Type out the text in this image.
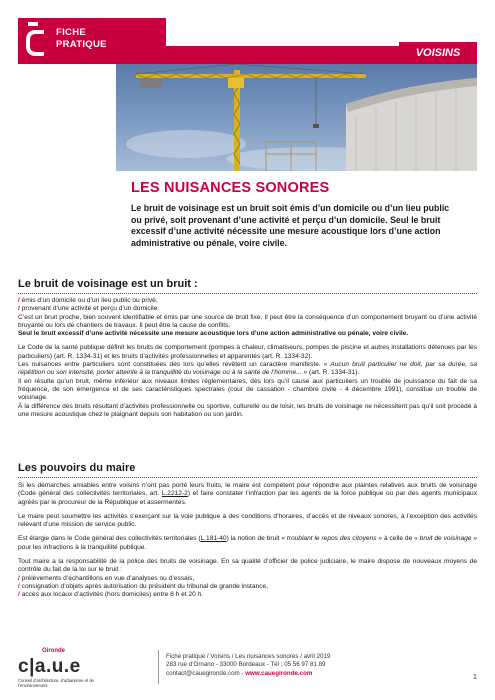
FICHE
PRATIQUE
VOISINS
LES NUISANCES SONORES
Le bruit de voisinage est un bruit soit émis d’un domicile ou d’un lieu public ou privé, soit provenant d’une activité et perçu d’un domicile. Seul le bruit excessif d’une activité nécessite une mesure acoustique lors d’une action administrative ou pénale, voire civile.
Le bruit de voisinage est un bruit :

/ émis d’un domicile ou d’un lieu public ou privé,

/ provenant d’une activité et perçu d’un domicile.

C’est un bruit proche, bien souvent identifiable et émis par une source de bruit fixe. Il peut être la conséquence d’un comportement bruyant ou d’une activité bruyante ou lors de chantiers de travaux. Il peut être la cause de conflits.

Seul le bruit excessif d’une activité nécessite une mesure acoustique lors d’une action administrative ou pénale, voire civile.

Le Code de la santé publique définit les bruits de comportement (pompes à chaleur, climatiseurs, pompes de piscine et autres installations détenues par les particuliers) (art. R. 1334-31) et les bruits d’activités professionnelles et apparentés (art. R. 1334-32).

Les nuisances entre particuliers sont constituées dès lors qu’elles revêtent un caractère manifeste. « Aucun bruit particulier ne doit, par sa durée, sa répétition ou son intensité, porter atteinte à la tranquillité du voisinage ou à la santé de l’homme... » (art. R. 1334-31).

Il en résulte qu’un bruit, même inférieur aux niveaux limites réglementaires, dès lors qu’il cause aux particuliers un trouble de jouissance du fait de sa fréquence, de son émergence et de ses caractéristiques spectrales (cour de cassation - chambre civile - 4 décembre 1991), constitue un trouble de voisinage.

À la différence des bruits résultant d’activités professionnelle ou sportive, culturelle ou de loisir, les bruits de voisinage ne nécessitent pas qu’il soit procédé à une mesure acoustique chez le plaignant depuis son habitation ou son jardin.

Les pouvoirs du maire

Si les démarches amiables entre voisins n’ont pas porté leurs fruits, le maire est compétent pour répondre aux plaintes relatives aux bruits de voisinage (Code général des collectivités territoriales, art. L.2212-2) et faire constater l’infraction par les agents de la force publique ou par des agents municipaux agréés par le procureur de la République et assermentés.

Le maire peut soumettre les activités s’exerçant sur la voie publique à des conditions d’horaires, d’accès et de niveaux sonores, à l’exception des activités relevant d’une mission de service public.

Est élargie dans le Code général des collectivités territoriales (L.181-40) la notion de bruit « troublant le repos des citoyens » à celle de « bruit de voisinage » pour les infractions à la tranquillité publique.

Tout maire a la responsabilité de la police des bruits de voisinage. En sa qualité d’officier de police judiciaire, le maire dispose de nouveaux moyens de contrôle du fait de la loi sur le bruit :

/ prélèvements d’échantillons en vue d’analyses ou d’essais,

/ consignation d’objets après autorisation du président du tribunal de grande instance,

/ accès aux locaux d’activités (hors domiciles) entre 8 h et 20 h.

Gironde
c|a.u.e
Conseil d’architecture, d’urbanisme et de l’environnement
Fiche pratique / Voisins / Les nuisances sonores / avril 2019
283 rue d’Ornano - 33000 Bordeaux - Tél : 05 56 97 81 89
contact@cauegironde.com - www.cauegironde.com	1
